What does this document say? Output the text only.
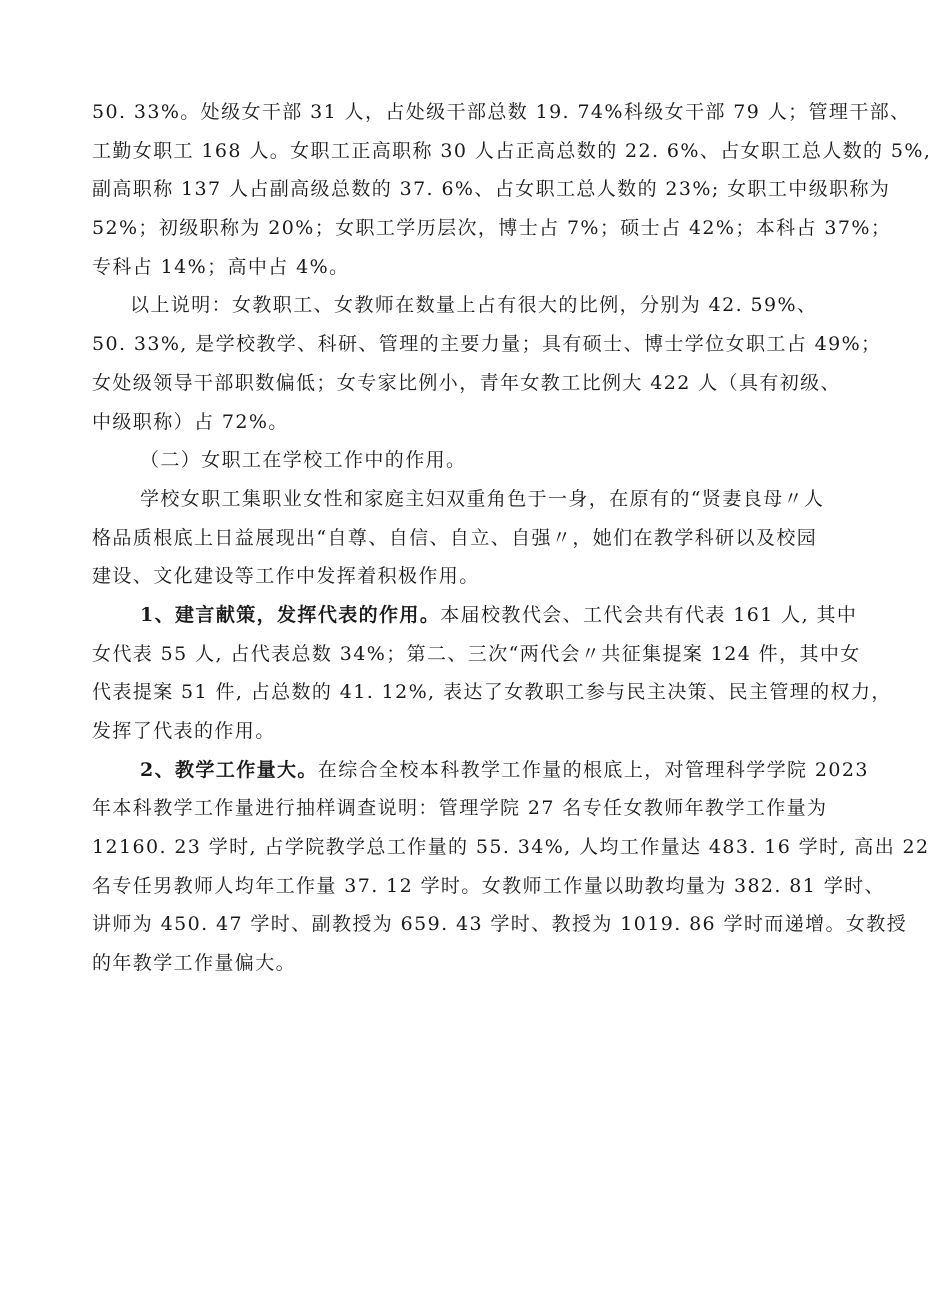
50. 33%。处级女干部 31 人，占处级干部总数 19. 74%科级女干部 79 人；管理干部、
工勤女职工 168 人。女职工正高职称 30 人占正高总数的 22. 6%、占女职工总人数的 5%,
副高职称 137 人占副高级总数的 37. 6%、占女职工总人数的 23%; 女职工中级职称为
52%；初级职称为 20%；女职工学历层次，博士占 7%；硕士占 42%；本科占 37%；
专科占 14%；高中占 4%。
以上说明：女教职工、女教师在数量上占有很大的比例，分别为 42. 59%、
50. 33%, 是学校教学、科研、管理的主要力量；具有硕士、博士学位女职工占 49%；
女处级领导干部职数偏低；女专家比例小，青年女教工比例大 422 人（具有初级、
中级职称）占 72%。
（二）女职工在学校工作中的作用。
学校女职工集职业女性和家庭主妇双重角色于一身，在原有的“贤妻良母〃人
格品质根底上日益展现出“自尊、自信、自立、自强〃，她们在教学科研以及校园
建设、文化建设等工作中发挥着积极作用。
1、建言献策，发挥代表的作用。本届校教代会、工代会共有代表 161 人, 其中
女代表 55 人, 占代表总数 34%；第二、三次“两代会〃共征集提案 124 件，其中女
代表提案 51 件, 占总数的 41. 12%, 表达了女教职工参与民主决策、民主管理的权力，
发挥了代表的作用。
2、教学工作量大。在综合全校本科教学工作量的根底上，对管理科学学院 2023
年本科教学工作量进行抽样调查说明：管理学院 27 名专任女教师年教学工作量为
12160. 23 学时, 占学院教学总工作量的 55. 34%, 人均工作量达 483. 16 学时, 高出 22
名专任男教师人均年工作量 37. 12 学时。女教师工作量以助教均量为 382. 81 学时、
讲师为 450. 47 学时、副教授为 659. 43 学时、教授为 1019. 86 学时而递增。女教授
的年教学工作量偏大。
